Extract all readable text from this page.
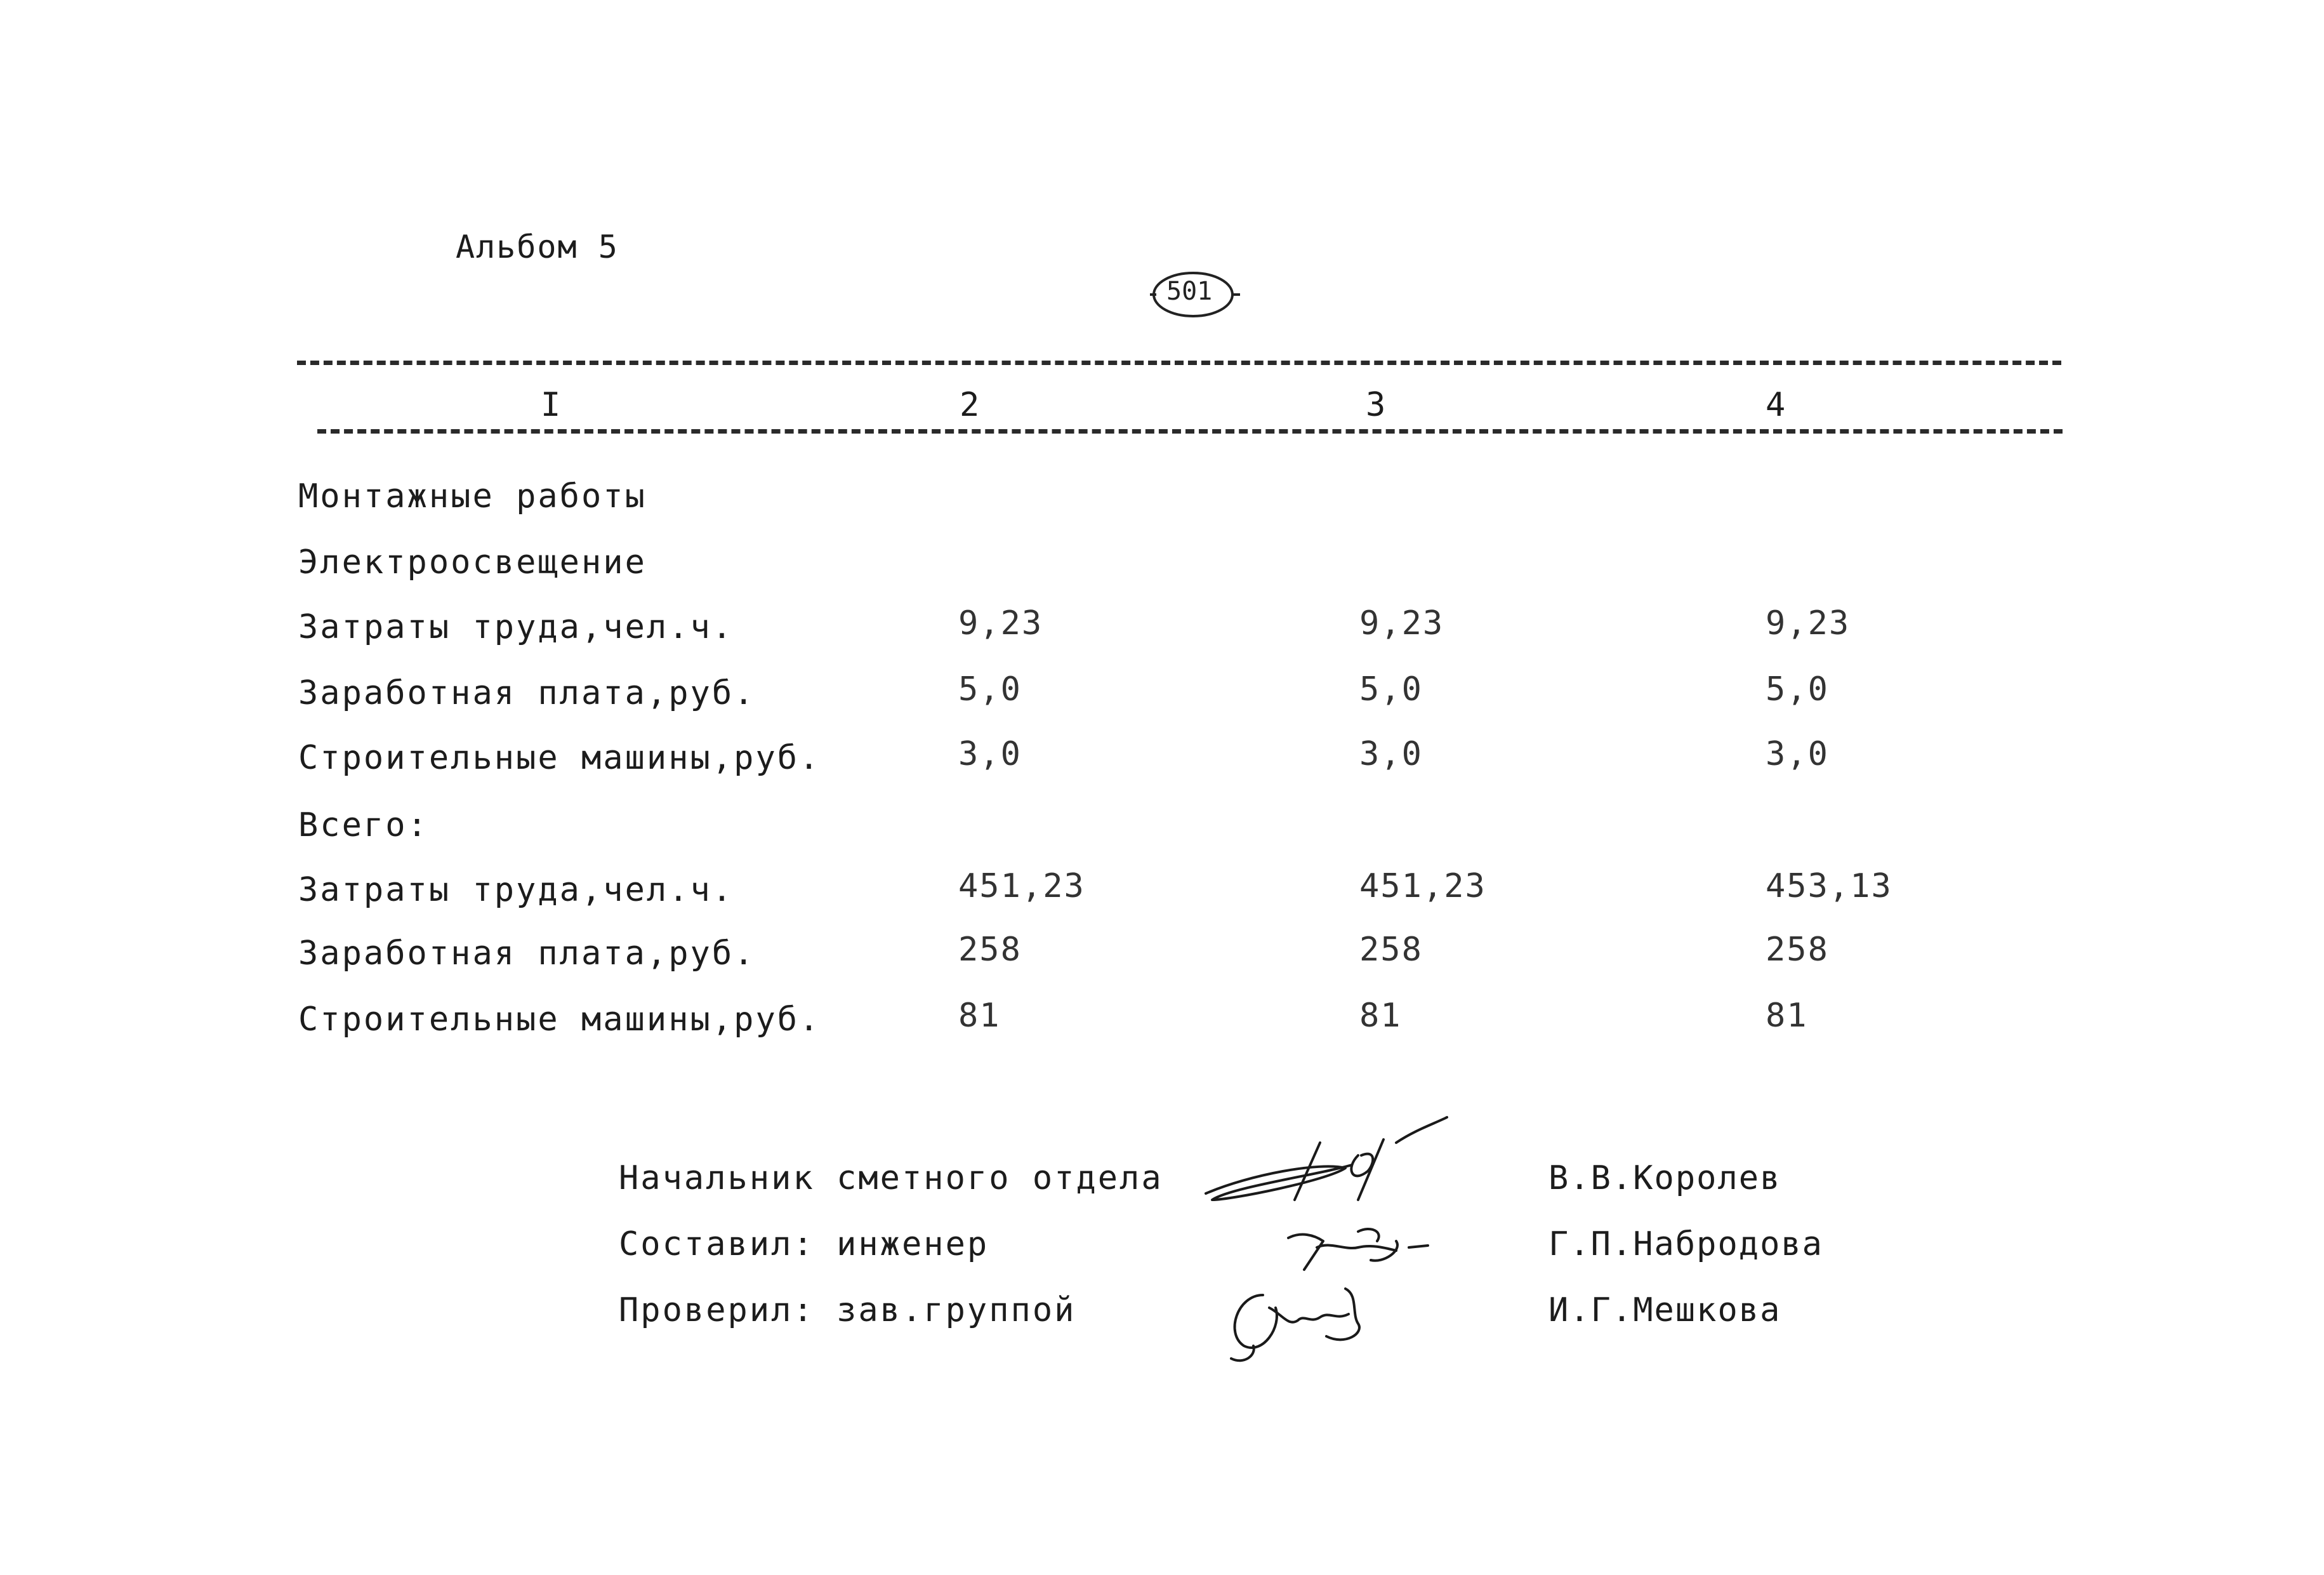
Альбом 5
501
I	2	3	4
Монтажные работы
Электроосвещение
Затраты труда,чел.ч.	9,23	9,23	9,23
Заработная плата,руб.	5,0	5,0	5,0
Строительные машины,руб.	3,0	3,0	3,0
Всего:
Затраты труда,чел.ч.	451,23	451,23	453,13
Заработная плата,руб.	258	258	258
Строительные машины,руб.	81	81	81
Начальник сметного отдела
Составил: инженер
Проверил: зав.группой
В.В.Королев
Г.П.Набродова
И.Г.Мешкова
